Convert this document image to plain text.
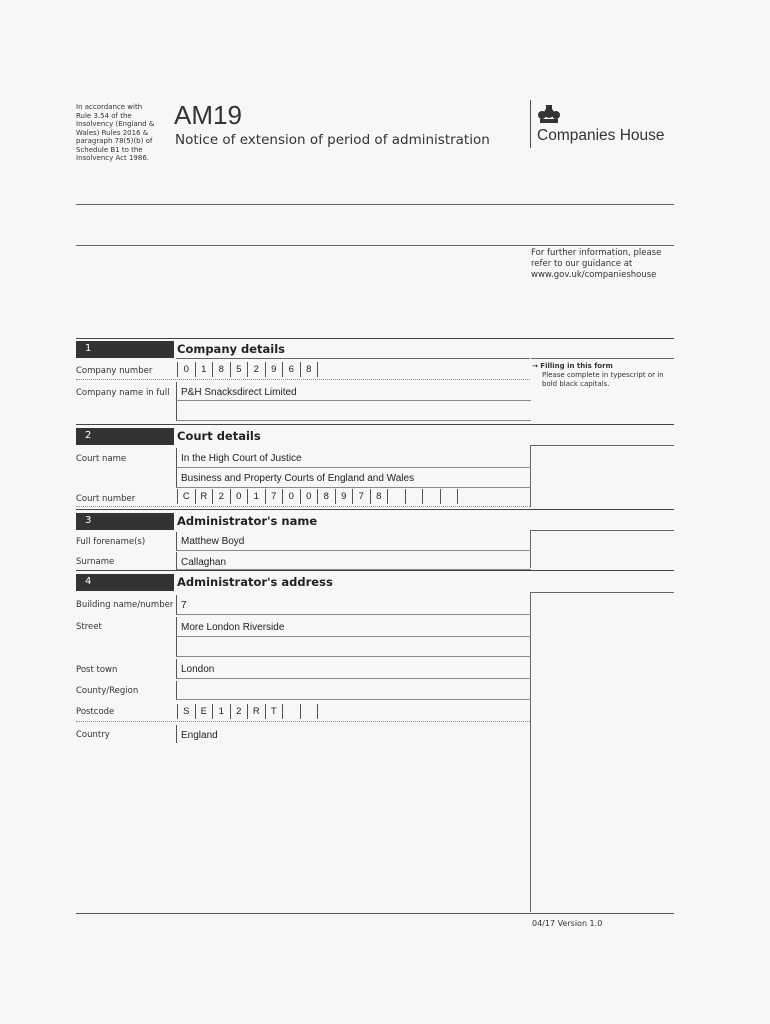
In accordance with Rule 3.54 of the Insolvency (England & Wales) Rules 2016 & paragraph 78(5)(b) of Schedule B1 to the Insolvency Act 1986.
AM19
Notice of extension of period of administration	Companies House
For further information, please refer to our guidance at www.gov.uk/companieshouse
1	Company details
→ Filling in this form
Please complete in typescript or in bold black capitals.
Company number	0	1	8	5	2	9	6	8
Company name in full P&H Snacksdirect Limited
2	Court details
Court name	In the High Court of Justice
Business and Property Courts of England and Wales
Court number	C	R	2	0	1	7	0	0	8	9	7	8
3	Administrator's name
Full forename(s)	Matthew Boyd
Surname	Callaghan
4	Administrator's address
Building name/number 7
Street	More London Riverside
Post town	London
County/Region
Postcode	S	E	1	2	R	T
Country	England
04/17 Version 1.0
